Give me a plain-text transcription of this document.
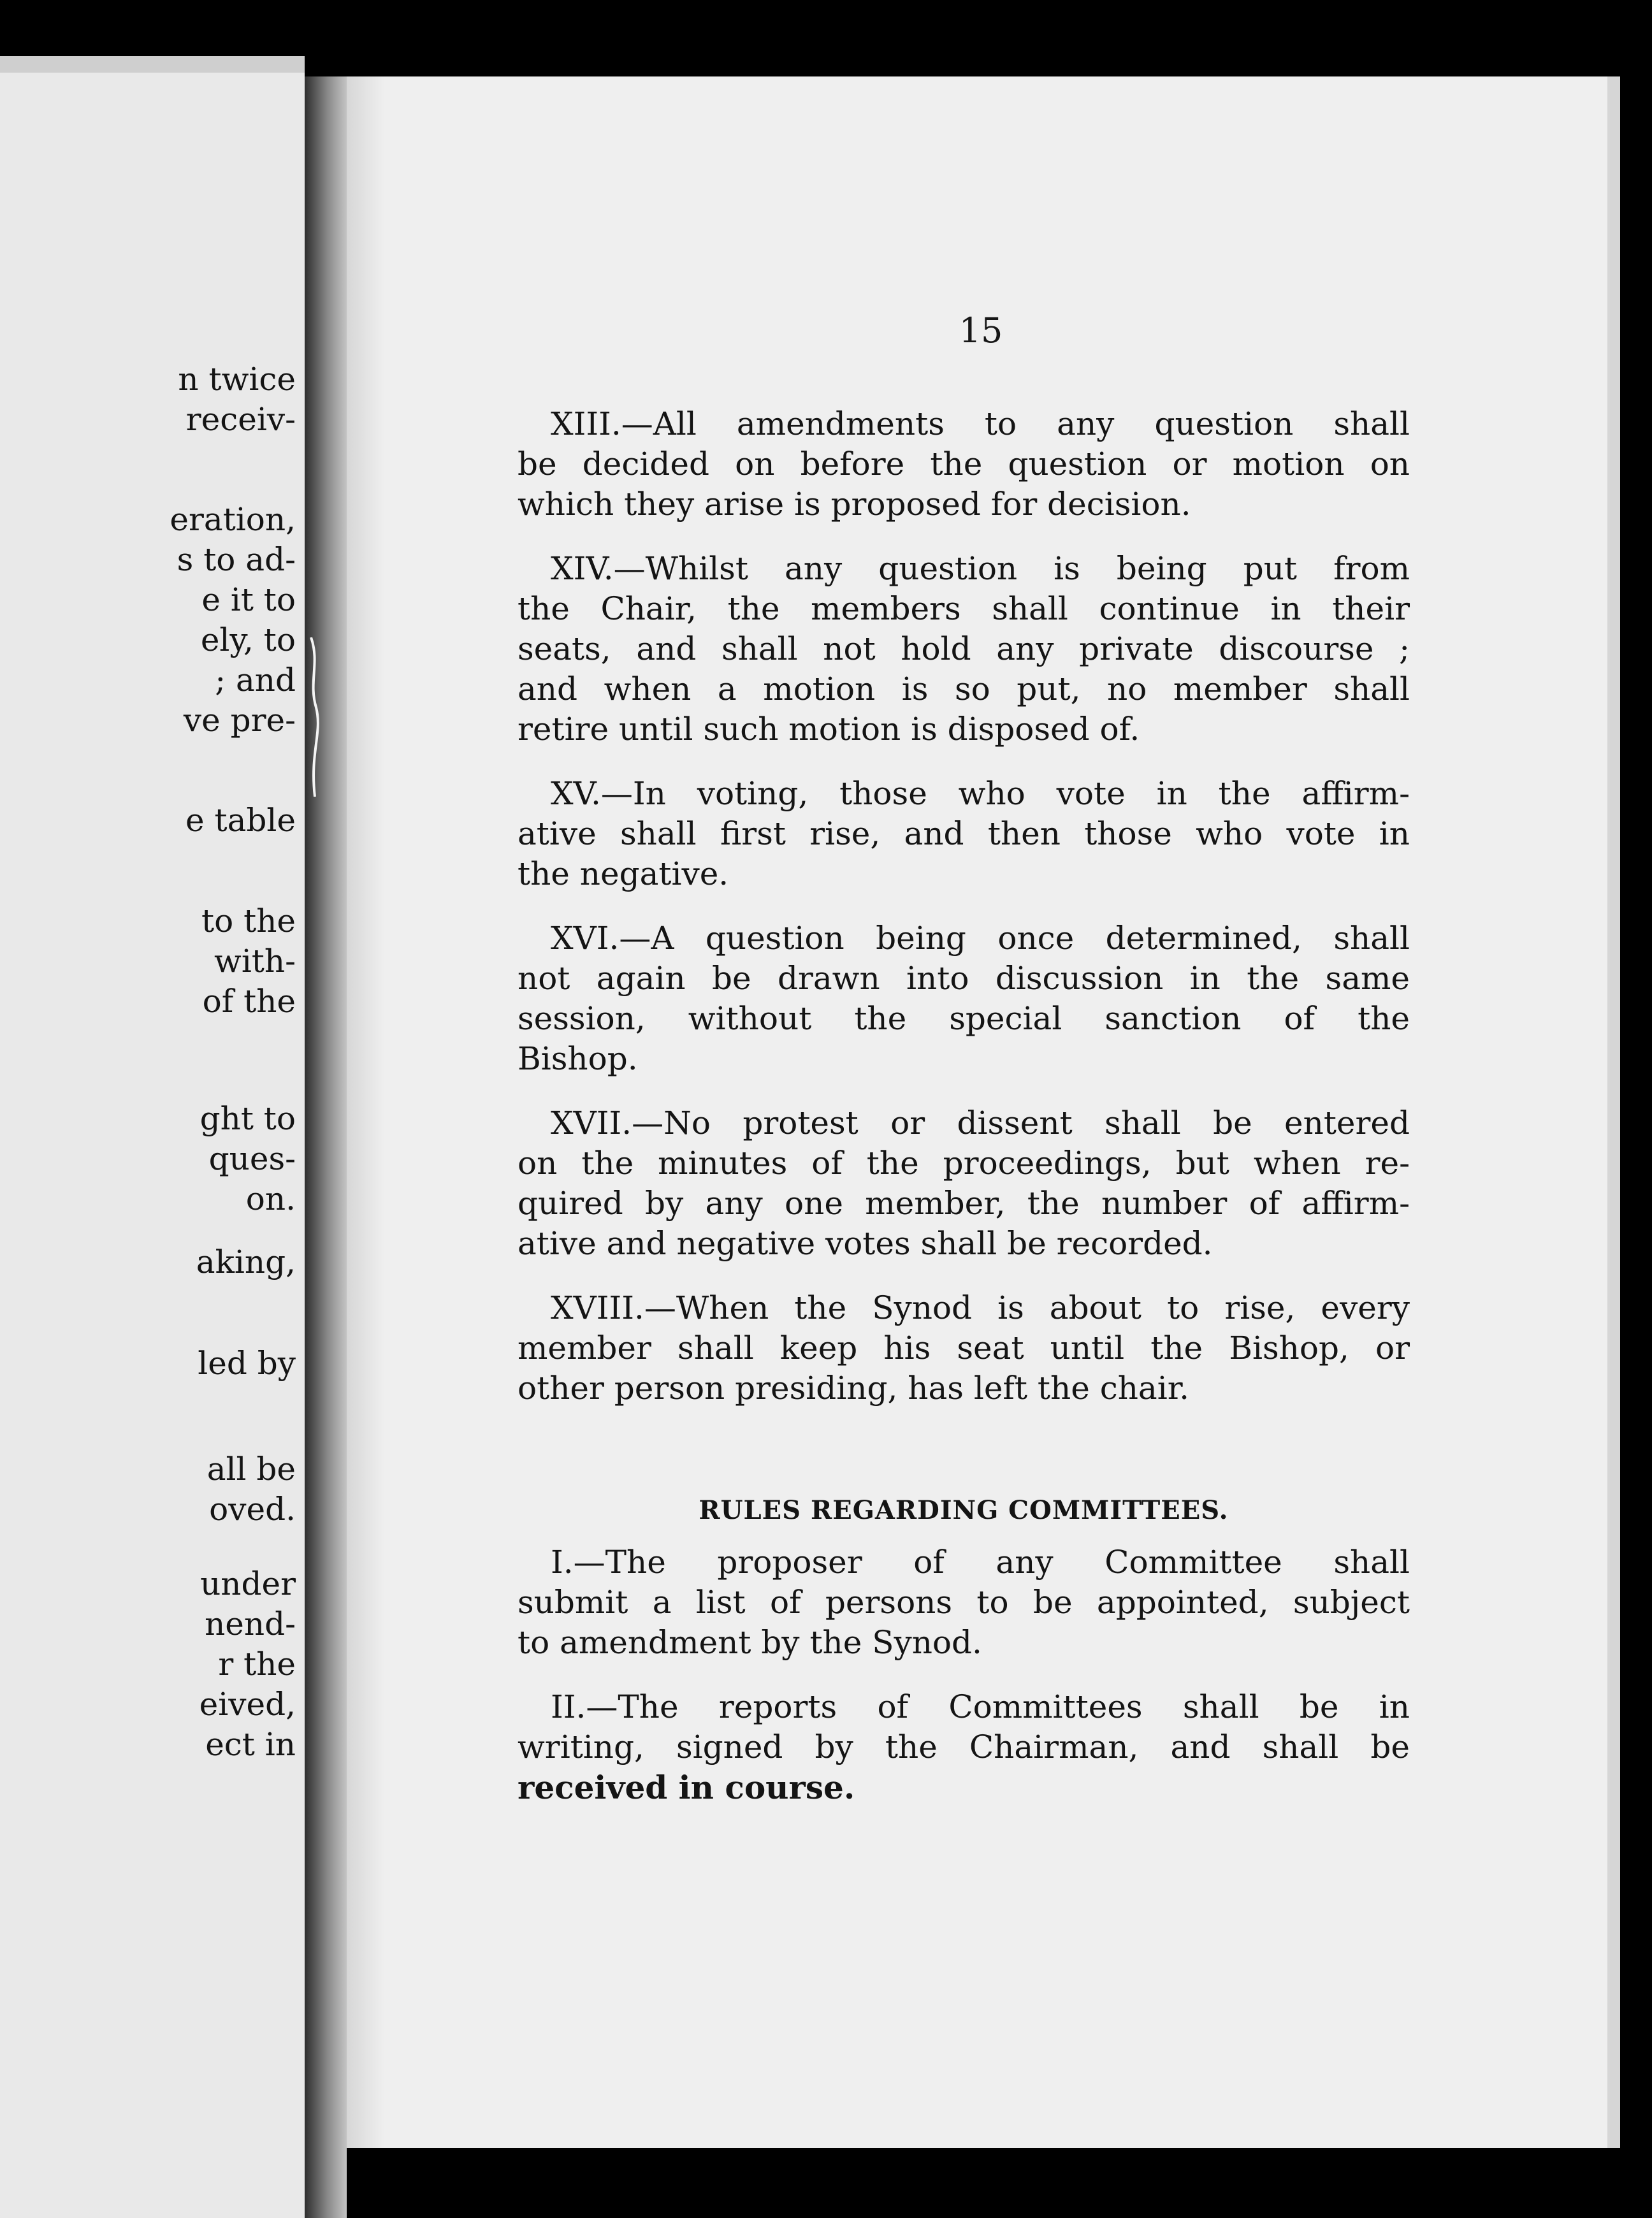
n twice
receiv-
eration,
s to ad-
e it to
ely, to
; and
ve pre-
e table
to the
with-
of the
ght to
ques-
on.
aking,
led by
all be
oved.
under
nend-
r the
eived,
ect in
15
XIII.—All amendments to any question shall
be decided on before the question or motion on
which they arise is proposed for decision.
XIV.—Whilst any question is being put from
the Chair, the members shall continue in their
seats, and shall not hold any private discourse ;
and when a motion is so put, no member shall
retire until such motion is disposed of.
XV.—In voting, those who vote in the affirm-
ative shall first rise, and then those who vote in
the negative.
XVI.—A question being once determined, shall
not again be drawn into discussion in the same
session, without the special sanction of the
Bishop.
XVII.—No protest or dissent shall be entered
on the minutes of the proceedings, but when re-
quired by any one member, the number of affirm-
ative and negative votes shall be recorded.
XVIII.—When the Synod is about to rise, every
member shall keep his seat until the Bishop, or
other person presiding, has left the chair.
RULES REGARDING COMMITTEES.
I.—The proposer of any Committee shall
submit a list of persons to be appointed, subject
to amendment by the Synod.
II.—The reports of Committees shall be in
writing, signed by the Chairman, and shall be
received in course.
